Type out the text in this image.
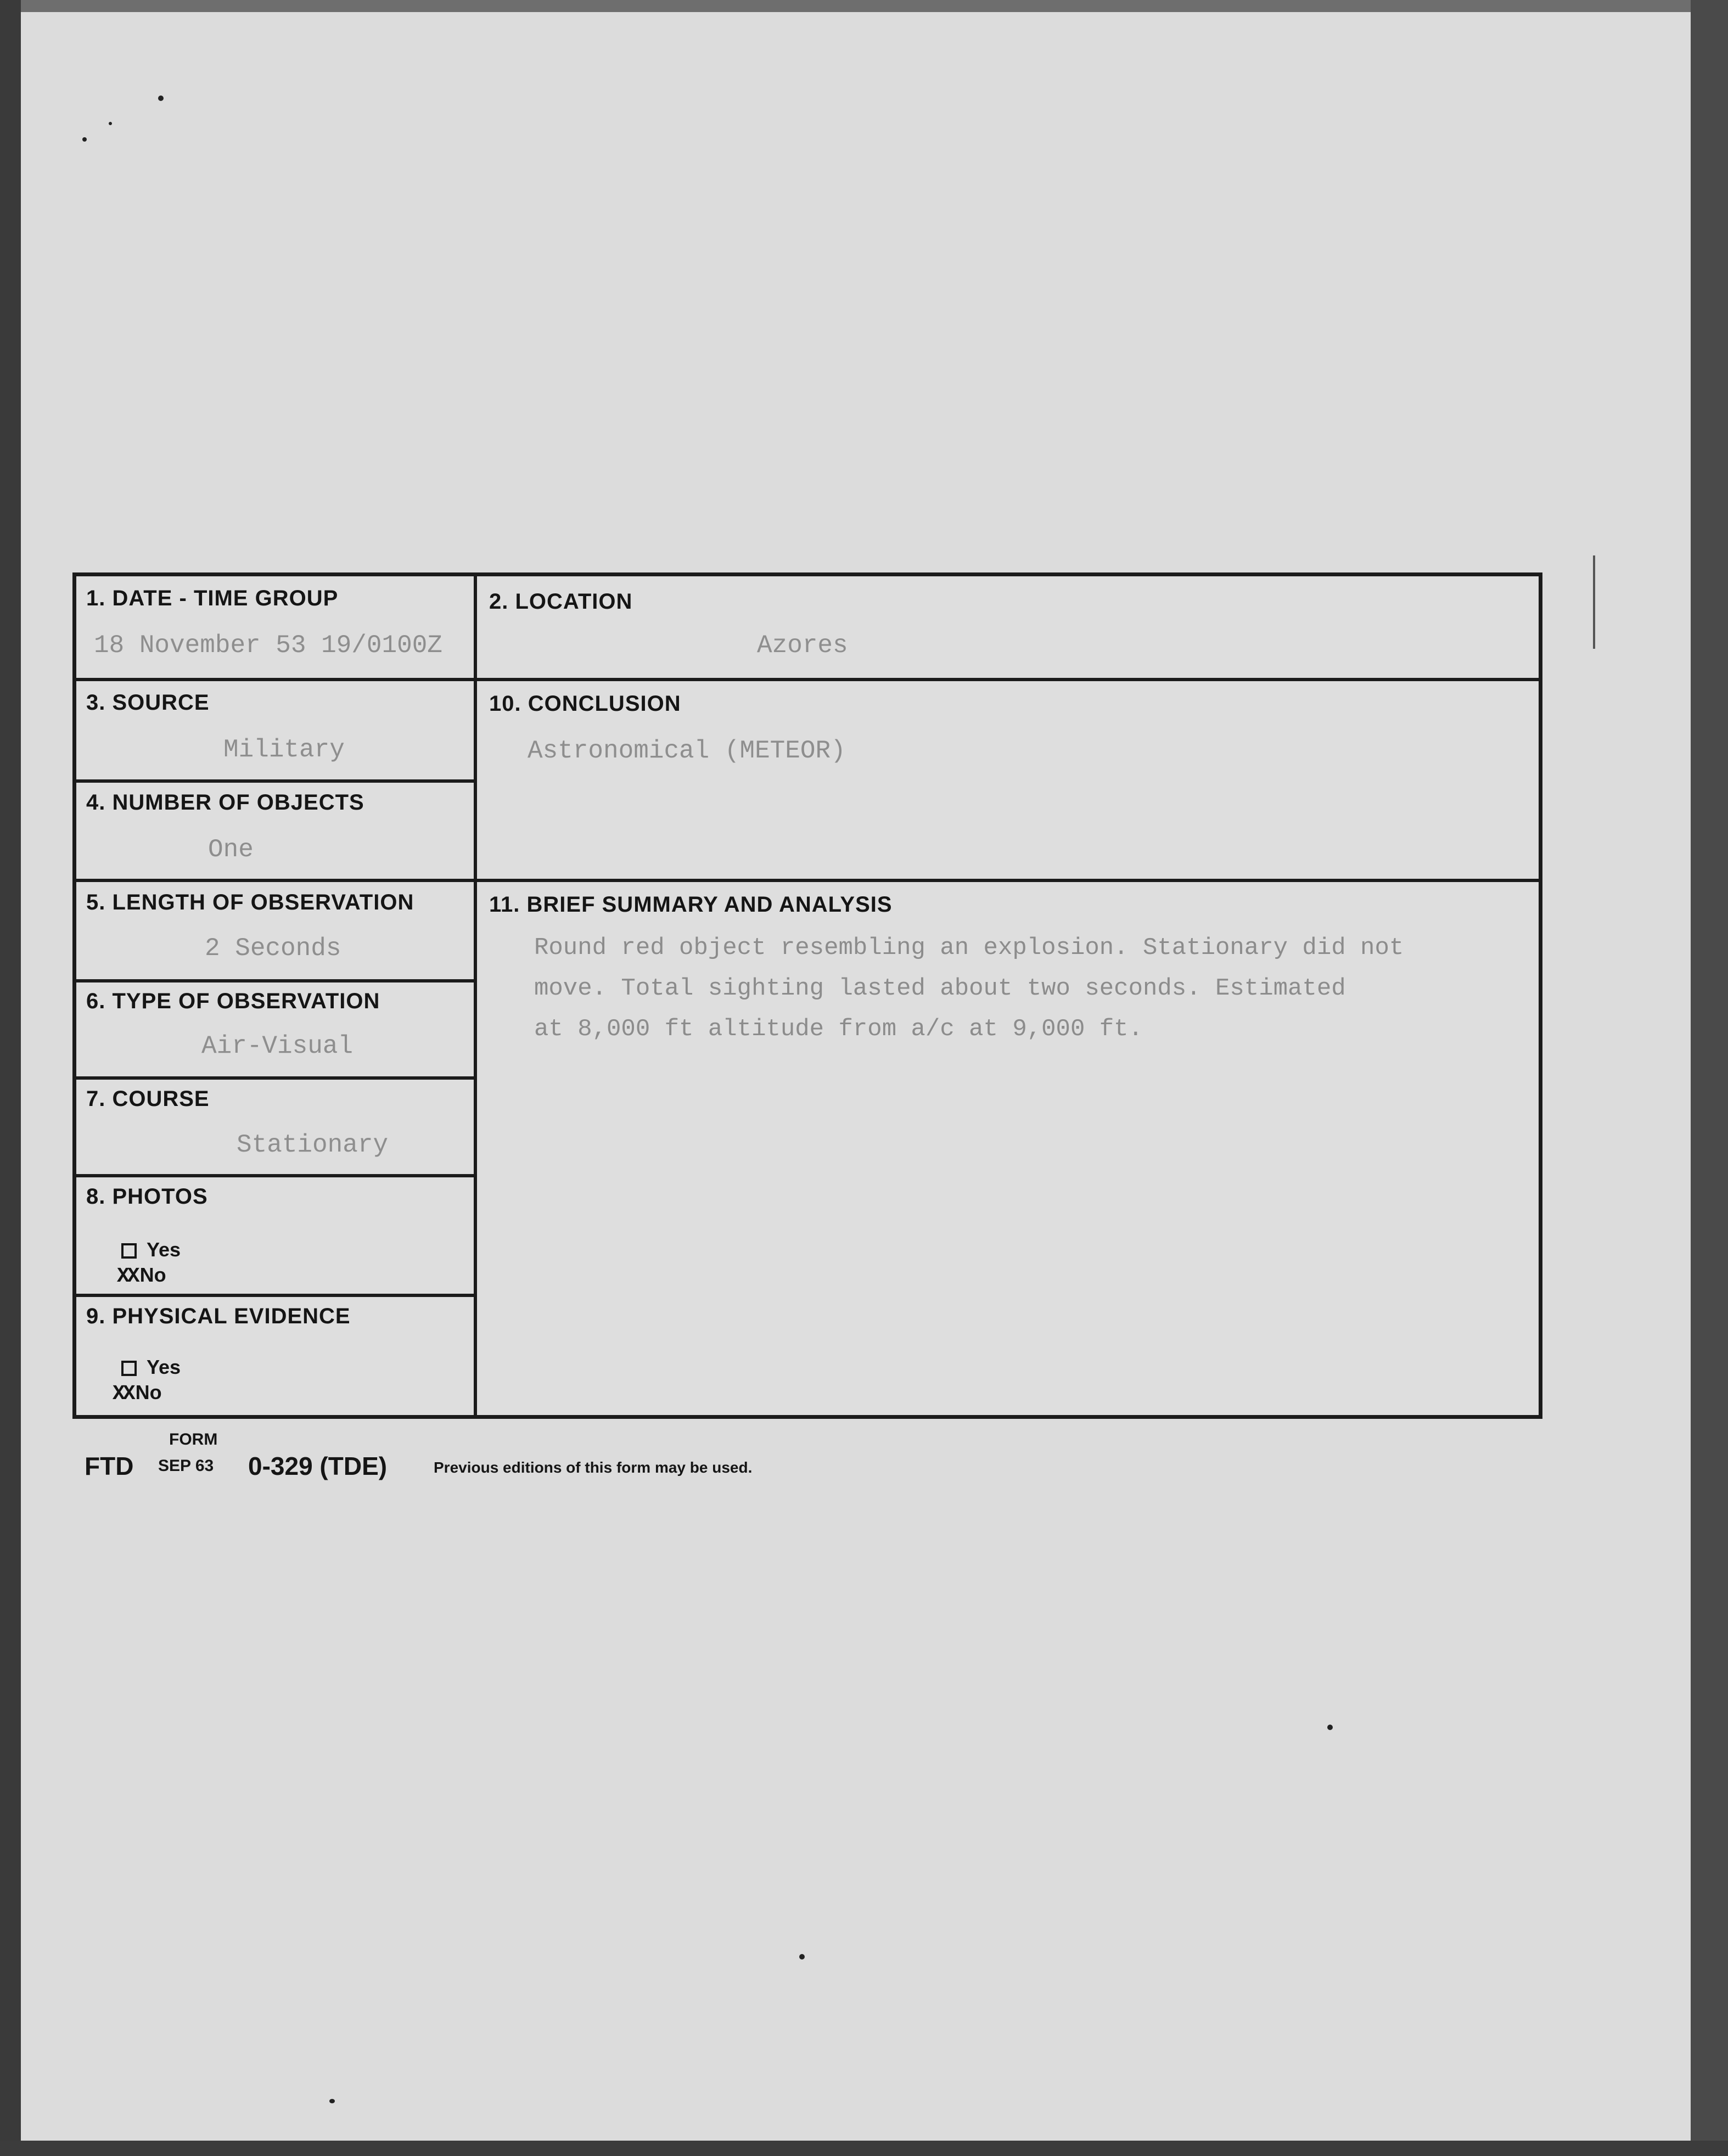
1. DATE - TIME GROUP
18 November 53 19/0100Z
2. LOCATION
Azores
3. SOURCE
Military
10. CONCLUSION
Astronomical (METEOR)
4. NUMBER OF OBJECTS
One
5. LENGTH OF OBSERVATION
2 Seconds
11. BRIEF SUMMARY AND ANALYSIS
Round red object resembling an explosion. Stationary did not
move. Total sighting lasted about two seconds. Estimated
at 8,000 ft altitude from a/c at 9,000 ft.
6. TYPE OF OBSERVATION
Air-Visual
7. COURSE
Stationary
8. PHOTOS
Yes
XX No
9. PHYSICAL EVIDENCE
Yes
XX No
FORM
FTD SEP 63 0-329 (TDE)	Previous editions of this form may be used.
